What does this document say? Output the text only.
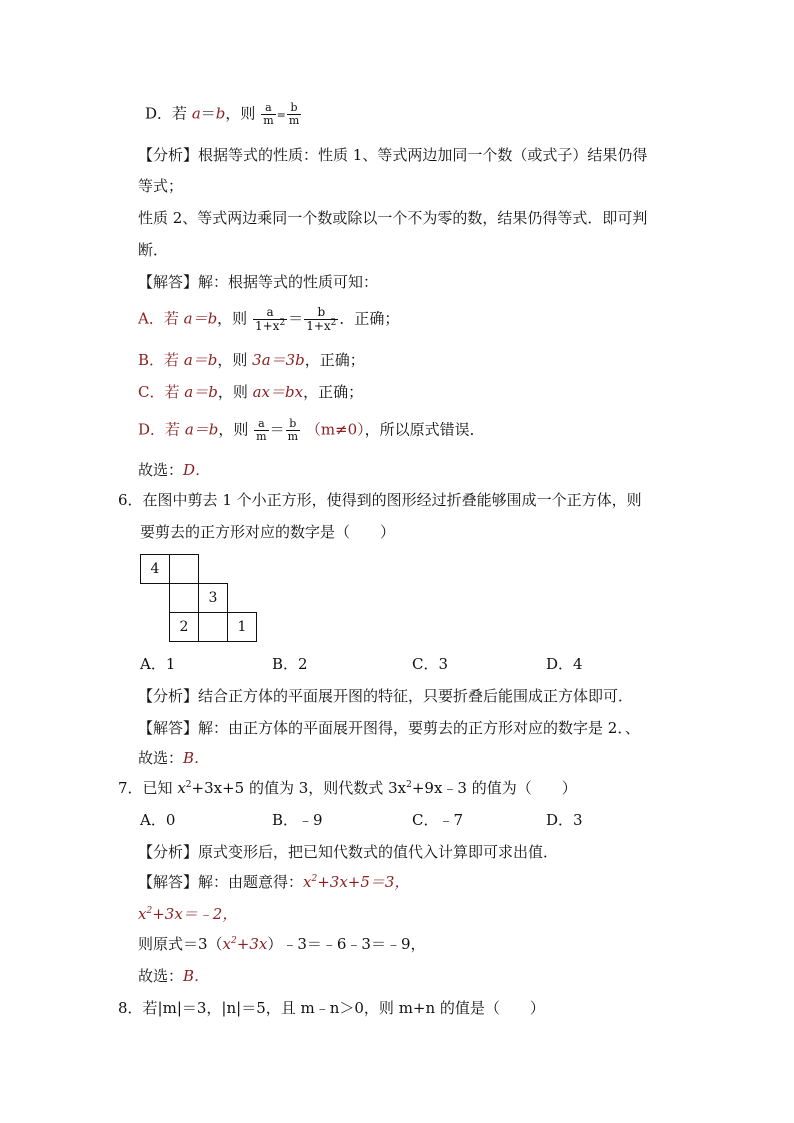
D．若 a＝b，则 $\frac{a}{m} = \frac{b}{m}$
【分析】根据等式的性质：性质 1、等式两边加同一个数（或式子）结果仍得
等式；
性质 2、等式两边乘同一个数或除以一个不为零的数，结果仍得等式．即可判
断．
【解答】解：根据等式的性质可知：
A．若 a＝b，则 $\frac{a}{1+x^2} = \frac{b}{1+x^2}$ ．正确；
B．若 a＝b，则 3a＝3b，正确；
C．若 a＝b，则 ax＝bx，正确；
D．若 a＝b，则 $\frac{a}{m} = \frac{b}{m} (m\ne 0)$，所以原式错误．
故选：D．
6．在图中剪去 1 个小正方形，使得到的图形经过折叠能够围成一个正方体，则
要剪去的正方形对应的数字是（　　）
4
3
2	1
A．1	B．2	C．3	D．4
【分析】结合正方体的平面展开图的特征，只要折叠后能围成正方体即可．
【解答】解：由正方体的平面展开图得，要剪去的正方形对应的数字是 2．、
故选：B．
7．已知 $x^2+3x+5$ 的值为 3，则代数式 $3x^2+9x﹣3$ 的值为（　　）
A．0	B．﹣9	C．﹣7	D．3
【分析】原式变形后，把已知代数式的值代入计算即可求出值．
【解答】解：由题意得：$x^2+3x+5=3$，
$x^2+3x=﹣2$，
则原式$=3(x^2+3x)﹣3=﹣6﹣3=﹣9$，
故选：B．
8．若|m|＝3，|n|＝5，且 m﹣n＞0，则 m+n 的值是（　　）
